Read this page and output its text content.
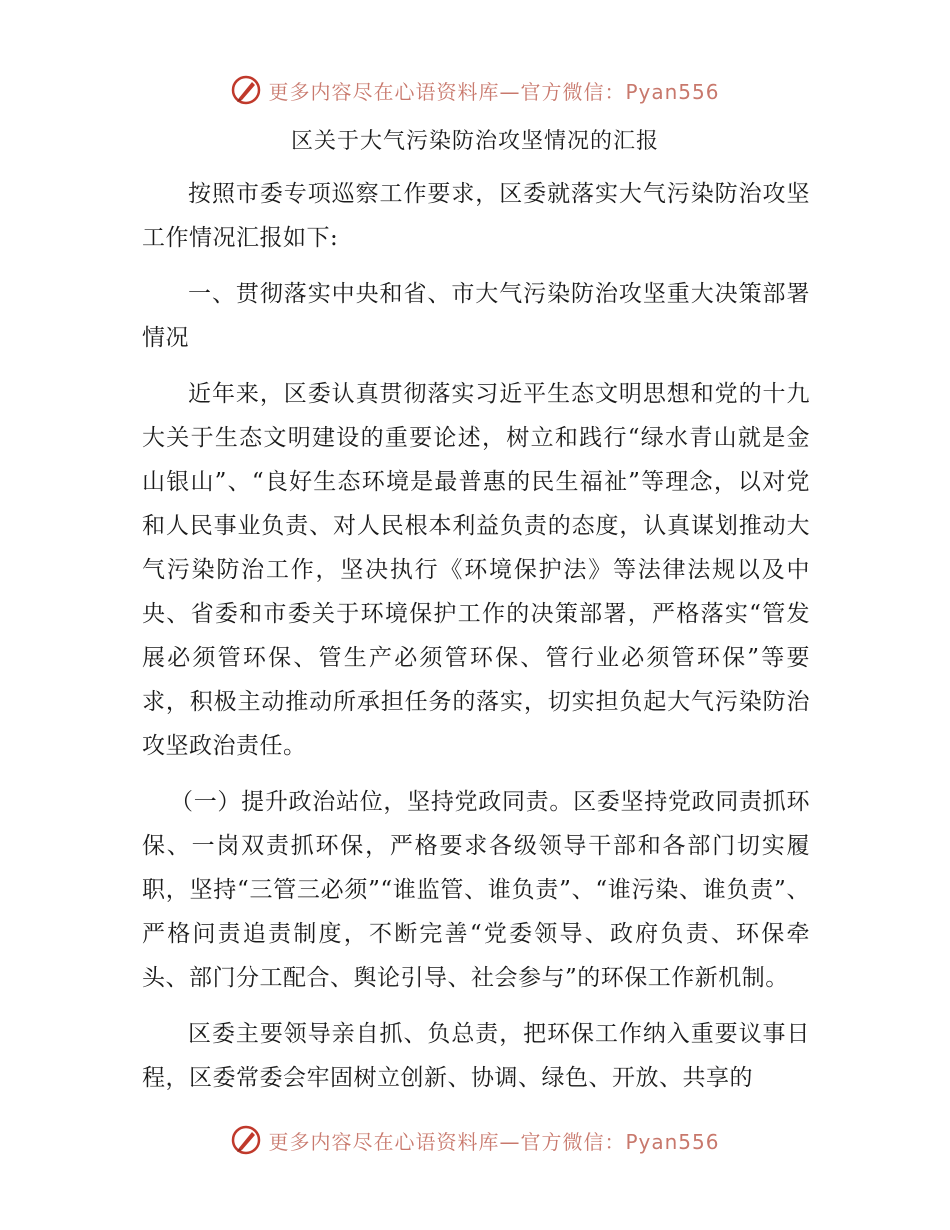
更多内容尽在心语资料库—官方微信：Pyan556
区关于大气污染防治攻坚情况的汇报

按照市委专项巡察工作要求，区委就落实大气污染防治攻坚工作情况汇报如下:

一、贯彻落实中央和省、市大气污染防治攻坚重大决策部署情况

近年来，区委认真贯彻落实习近平生态文明思想和党的十九大关于生态文明建设的重要论述，树立和践行“绿水青山就是金山银山”、“良好生态环境是最普惠的民生福祉”等理念，以对党和人民事业负责、对人民根本利益负责的态度，认真谋划推动大气污染防治工作，坚决执行《环境保护法》等法律法规以及中央、省委和市委关于环境保护工作的决策部署，严格落实“管发展必须管环保、管生产必须管环保、管行业必须管环保”等要求，积极主动推动所承担任务的落实，切实担负起大气污染防治攻坚政治责任。

（一）提升政治站位，坚持党政同责。区委坚持党政同责抓环保、一岗双责抓环保，严格要求各级领导干部和各部门切实履职，坚持“三管三必须”“谁监管、谁负责”、“谁污染、谁负责”、严格问责追责制度，不断完善“党委领导、政府负责、环保牵头、部门分工配合、舆论引导、社会参与”的环保工作新机制。

区委主要领导亲自抓、负总责，把环保工作纳入重要议事日程，区委常委会牢固树立创新、协调、绿色、开放、共享的

更多内容尽在心语资料库—官方微信：Pyan556
